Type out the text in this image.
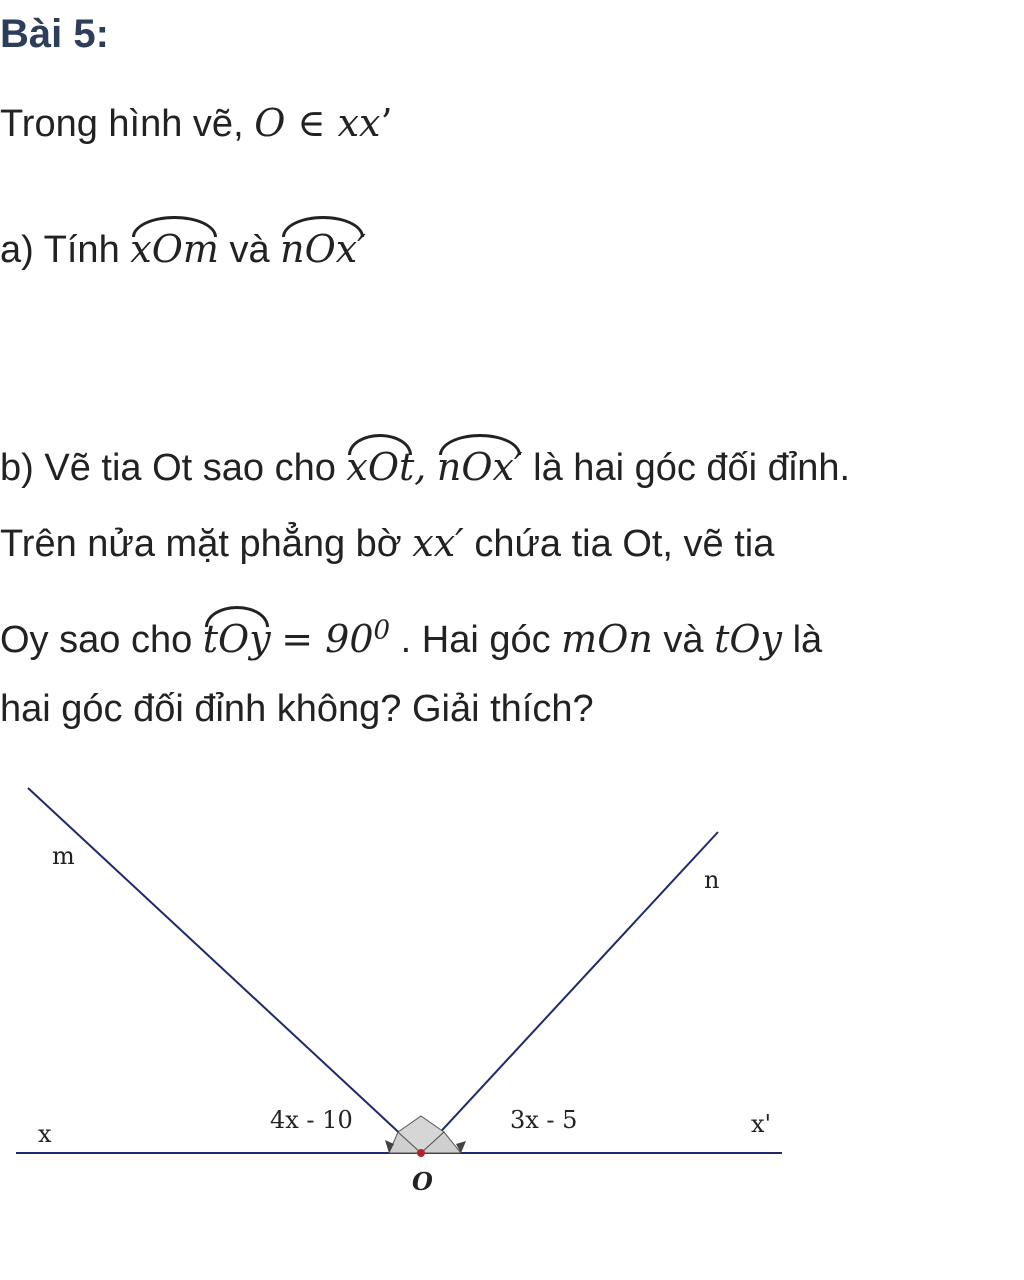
Bài 5:
Trong hình vẽ, O ∈ xx’
a) Tính xOm và nOx′
b) Vẽ tia Ot sao cho xOt, nOx′ là hai góc đối đỉnh.
Trên nửa mặt phẳng bờ xx′ chứa tia Ot, vẽ tia
Oy sao cho tOy = $90^0$ . Hai góc mOn và tOy là
hai góc đối đỉnh không? Giải thích?
m
n
x	x'
O
4x - 10	3x - 5
